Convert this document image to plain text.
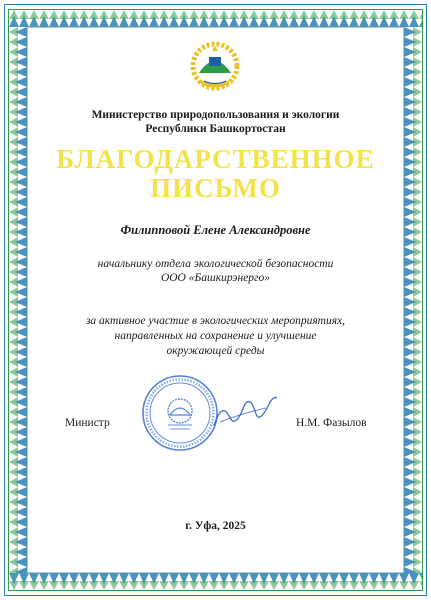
Министерство природопользования и экологии
Республики Башкортостан
БЛАГОДАРСТВЕННОЕ
ПИСЬМО
Филипповой Елене Александровне
начальнику отдела экологической безопасности
ООО «Башкирэнерго»
за активное участие в экологических мероприятиях,
направленных на сохранение и улучшение
окружающей среды
Министр	Н.М. Фазылов
г. Уфа, 2025
